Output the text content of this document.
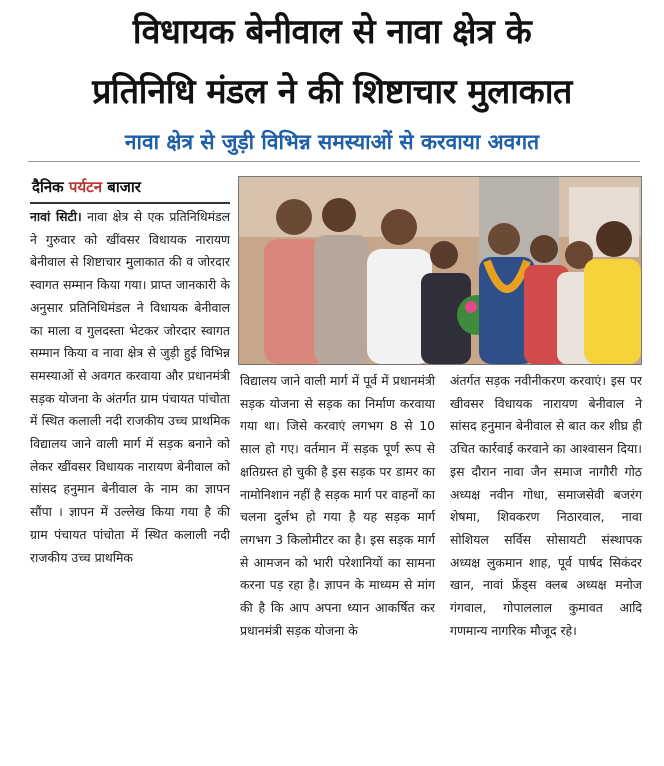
विधायक बेनीवाल से नावा क्षेत्र के
प्रतिनिधि मंडल ने की शिष्टाचार मुलाकात
नावा क्षेत्र से जुड़ी विभिन्न समस्याओं से करवाया अवगत
दैनिक पर्यटन बाजार

नावां सिटी। नावा क्षेत्र से एक प्रतिनिधिमंडल ने गुरुवार को खींवसर विधायक नारायण बेनीवाल से शिष्टाचार मुलाकात की व जोरदार स्वागत सम्मान किया गया। प्राप्त जानकारी के अनुसार प्रतिनिधिमंडल ने विधायक बेनीवाल का माला व गुलदस्ता भेटकर जोरदार स्वागत सम्मान किया व नावा क्षेत्र से जुड़ी हुई विभिन्न समस्याओं से अवगत करवाया और प्रधानमंत्री सड़क योजना के अंतर्गत ग्राम पंचायत पांचोता में स्थित कलाली नदी राजकीय उच्च प्राथमिक विद्यालय जाने वाली मार्ग में सड़क बनाने को लेकर खींवसर विधायक नारायण बेनीवाल को सांसद हनुमान बेनीवाल के नाम का ज्ञापन सौंपा । ज्ञापन में उल्लेख किया गया है की ग्राम पंचायत पांचोता में स्थित कलाली नदी राजकीय उच्च प्राथमिक

विद्यालय जाने वाली मार्ग में पूर्व में प्रधानमंत्री सड़क योजना से सड़क का निर्माण करवाया गया था। जिसे करवाएं लगभग 8 से 10 साल हो गए। वर्तमान में सड़क पूर्ण रूप से क्षतिग्रस्त हो चुकी है इस सड़क पर डामर का नामोनिशान नहीं है सड़क मार्ग पर वाहनों का चलना दुर्लभ हो गया है यह सड़क मार्ग लगभग 3 किलोमीटर का है। इस सड़क मार्ग से आमजन को भारी परेशानियों का सामना करना पड़ रहा है। ज्ञापन के माध्यम से मांग की है कि आप अपना ध्यान आकर्षित कर प्रधानमंत्री सड़क योजना के

अंतर्गत सड़क नवीनीकरण करवाएं। इस पर खीवसर विधायक नारायण बेनीवाल ने सांसद हनुमान बेनीवाल से बात कर शीघ्र ही उचित कार्रवाई करवाने का आश्वासन दिया। इस दौरान नावा जैन समाज नागौरी गोठ अध्यक्ष नवीन गोधा, समाजसेवी बजरंग शेषमा, शिवकरण निठारवाल, नावा सोशियल सर्विस सोसायटी संस्थापक अध्यक्ष लुकमान शाह, पूर्व पार्षद सिकंदर खान, नावां फ्रेंड्स क्लब अध्यक्ष मनोज गंगवाल, गोपाललाल कुमावत आदि गणमान्य नागरिक मौजूद रहे।
